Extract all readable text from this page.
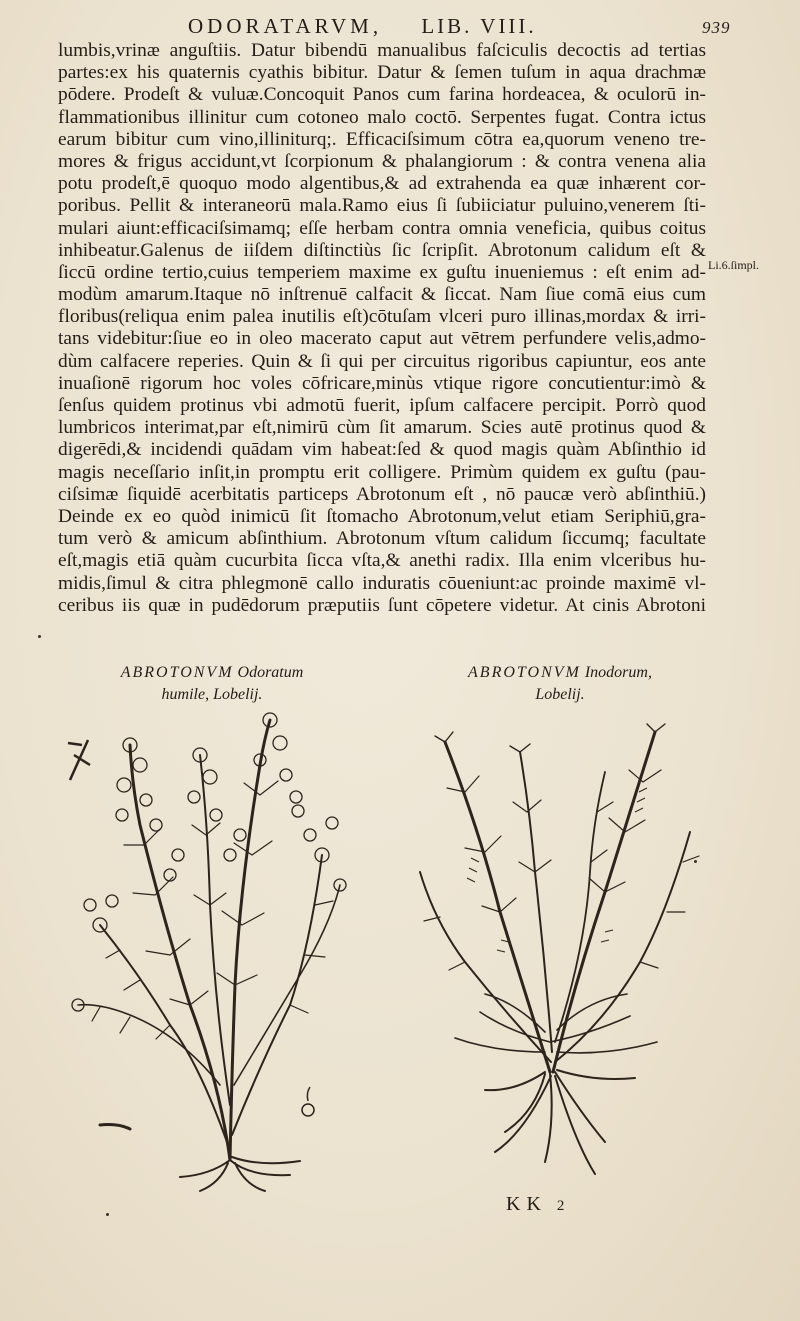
ODORATARVM, LIB. VIII.	939
lumbis,vrinæ anguſtiis. Datur bibendū manualibus faſciculis decoctis ad tertias
partes:ex his quaternis cyathis bibitur. Datur & ſemen tuſum in aqua drachmæ
pōdere. Prodeſt & vuluæ.Concoquit Panos cum farina hordeacea, & oculorū in-
flammationibus illinitur cum cotoneo malo coctō. Serpentes fugat. Contra ictus
earum bibitur cum vino,illiniturq;. Efficaciſsimum cōtra ea,quorum veneno tre-
mores & frigus accidunt,vt ſcorpionum & phalangiorum : & contra venena alia
potu prodeſt,ē quoquo modo algentibus,& ad extrahenda ea quæ inhærent cor-
poribus. Pellit & interaneorū mala.Ramo eius ſi ſubiiciatur puluino,venerem ſti-
mulari aiunt:efficaciſsimamq; eſſe herbam contra omnia veneficia, quibus coitus
inhibeatur.Galenus de iiſdem diſtinctiùs ſic ſcripſit. Abrotonum calidum eſt &
ſiccū ordine tertio,cuius temperiem maxime ex guſtu inueniemus : eſt enim ad-
modùm amarum.Itaque nō inſtrenuē calfacit & ſiccat. Nam ſiue comā eius cum
floribus(reliqua enim palea inutilis eſt)cōtuſam vlceri puro illinas,mordax & irri-
tans videbitur:ſiue eo in oleo macerato caput aut vētrem perfundere velis,admo-
dùm calfacere reperies. Quin & ſi qui per circuitus rigoribus capiuntur, eos ante
inuaſionē rigorum hoc voles cōfricare,minùs vtique rigore concutientur:imò &
ſenſus quidem protinus vbi admotū fuerit, ipſum calfacere percipit. Porrò quod
lumbricos interimat,par eſt,nimirū cùm ſit amarum. Scies autē protinus quod &
digerēdi,& incidendi quādam vim habeat:ſed & quod magis quàm Abſinthio id
magis neceſſario inſit,in promptu erit colligere. Primùm quidem ex guſtu (pau-
ciſsimæ ſiquidē acerbitatis particeps Abrotonum eſt , nō paucæ verò abſinthiū.)
Deinde ex eo quòd inimicū ſit ſtomacho Abrotonum,velut etiam Seriphiū,gra-
tum verò & amicum abſinthium. Abrotonum vſtum calidum ſiccumq; facultate
eſt,magis etiā quàm cucurbita ſicca vſta,& anethi radix. Illa enim vlceribus hu-
midis,ſimul & citra phlegmonē callo induratis cōueniunt:ac proinde maximē vl-
ceribus iis quæ in pudēdorum præputiis ſunt cōpetere videtur. At cinis Abrotoni
Li.6.ſimpl.
ABROTONVM Odoratum
humile, Lobelij.
ABROTONVM Inodorum,
Lobelij.
KK 2
